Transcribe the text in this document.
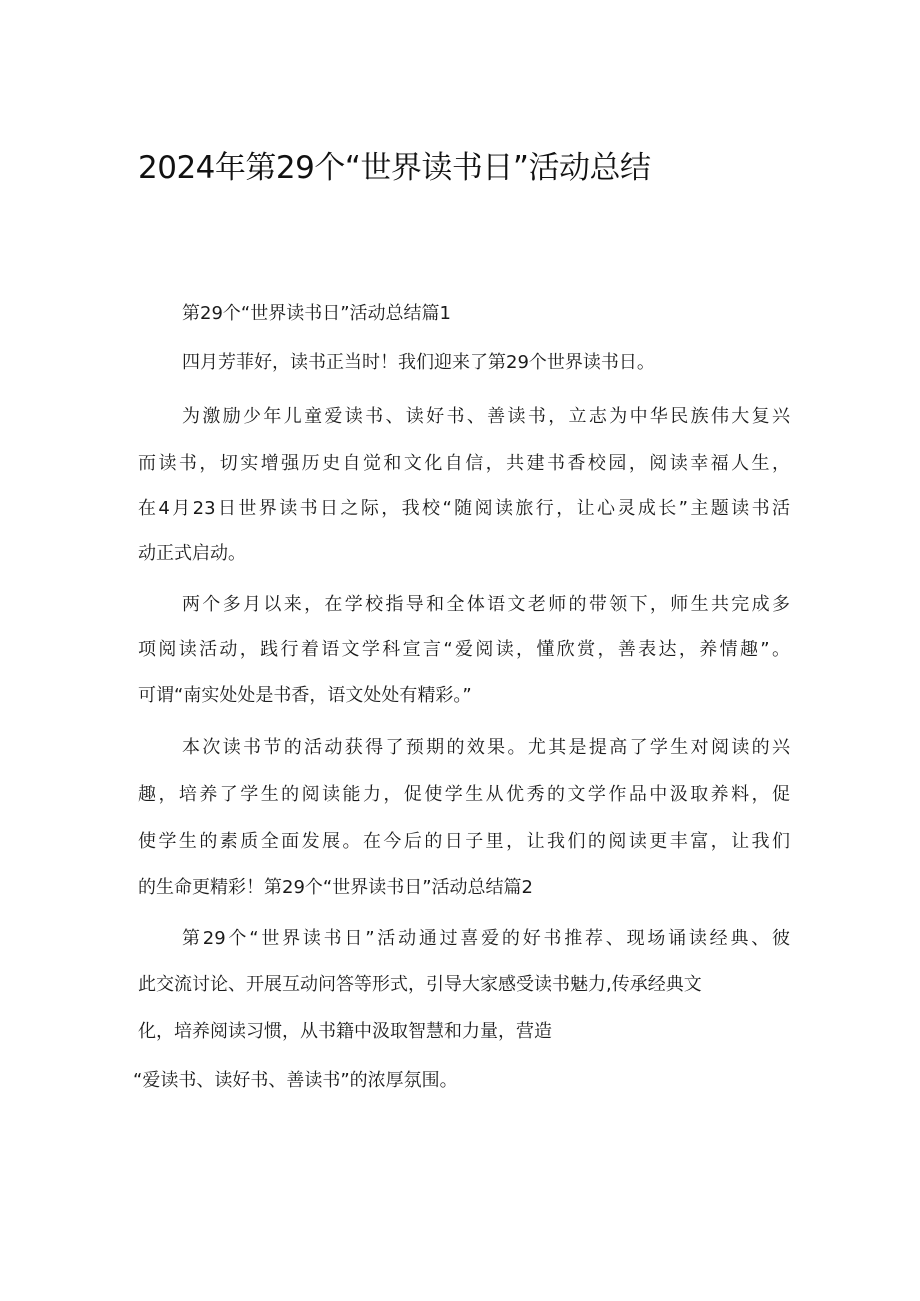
2024年第29个“世界读书日”活动总结
第29个“世界读书日”活动总结篇1
四月芳菲好，读书正当时！我们迎来了第29个世界读书日。
为激励少年儿童爱读书、读好书、善读书，立志为中华民族伟大复兴
而读书，切实增强历史自觉和文化自信，共建书香校园，阅读幸福人生，
在4月23日世界读书日之际，我校“随阅读旅行，让心灵成长”主题读书活
动正式启动。
两个多月以来，在学校指导和全体语文老师的带领下，师生共完成多
项阅读活动，践行着语文学科宣言“爱阅读，懂欣赏，善表达，养情趣”。
可谓“南实处处是书香，语文处处有精彩。”
本次读书节的活动获得了预期的效果。尤其是提高了学生对阅读的兴
趣，培养了学生的阅读能力，促使学生从优秀的文学作品中汲取养料，促
使学生的素质全面发展。在今后的日子里，让我们的阅读更丰富，让我们
的生命更精彩！第29个“世界读书日”活动总结篇2
第29个“世界读书日”活动通过喜爱的好书推荐、现场诵读经典、彼
此交流讨论、开展互动问答等形式，引导大家感受读书魅力,传承经典文
化，培养阅读习惯，从书籍中汲取智慧和力量，营造
“爱读书、读好书、善读书”的浓厚氛围。
